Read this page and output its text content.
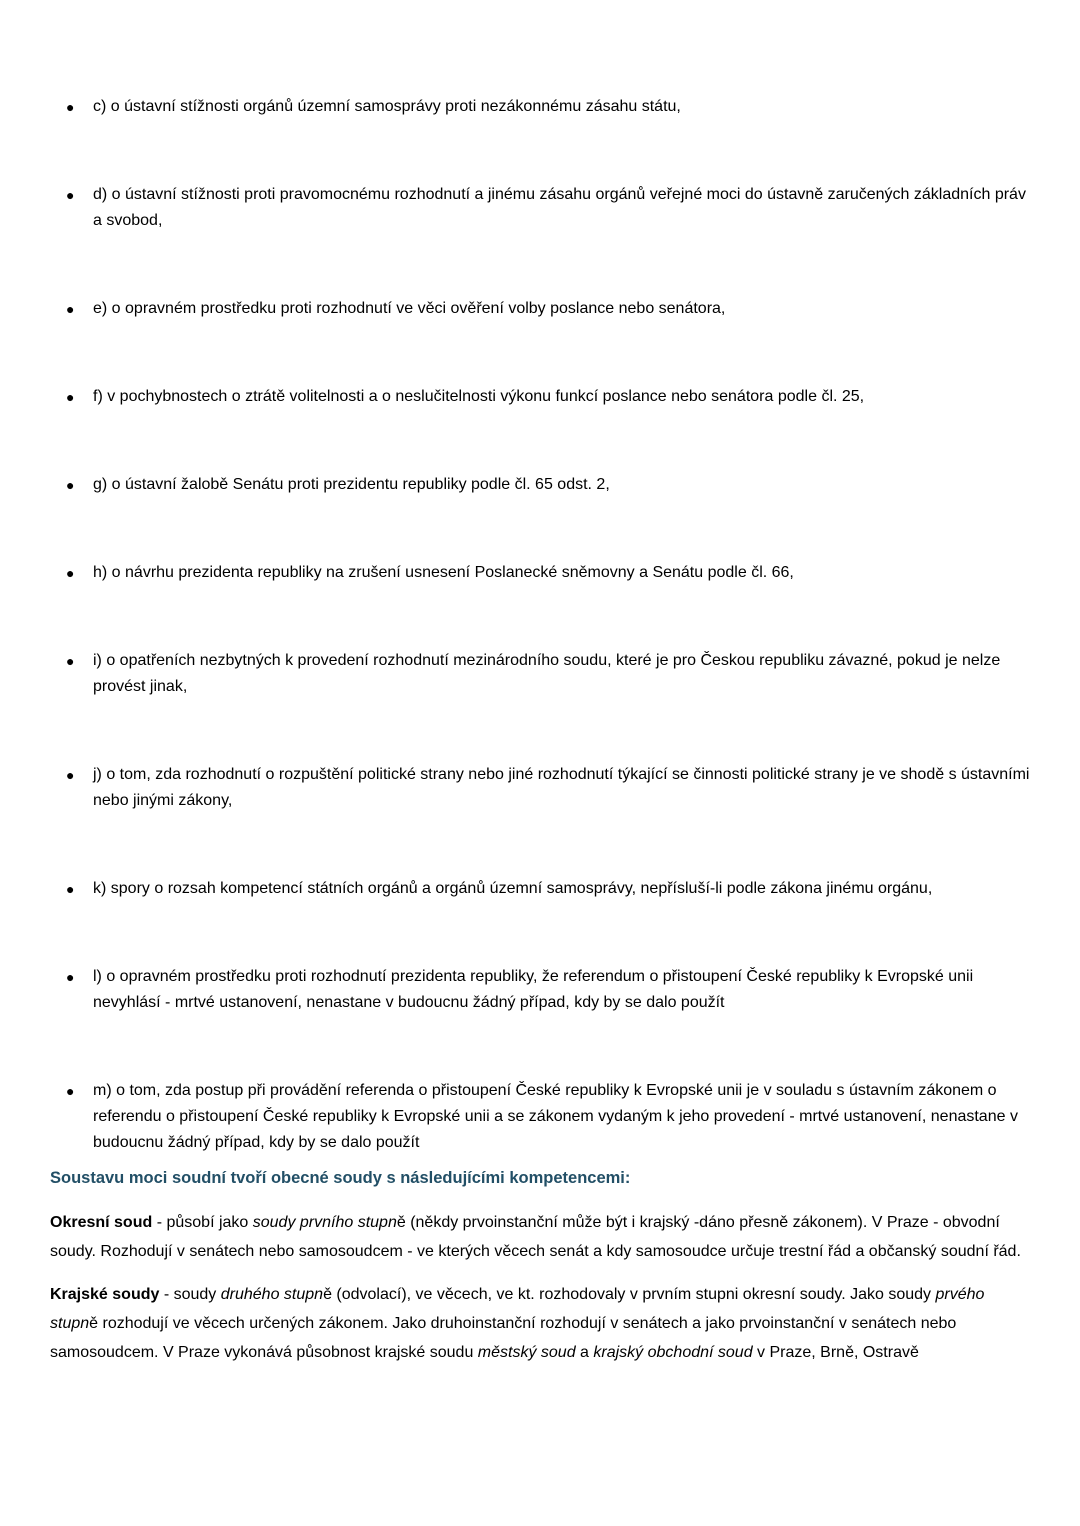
● c) o ústavní stížnosti orgánů územní samosprávy proti nezákonnému zásahu státu,
● d) o ústavní stížnosti proti pravomocnému rozhodnutí a jinému zásahu orgánů veřejné moci do ústavně zaručených základních práv a svobod,
● e) o opravném prostředku proti rozhodnutí ve věci ověření volby poslance nebo senátora,
● f) v pochybnostech o ztrátě volitelnosti a o neslučitelnosti výkonu funkcí poslance nebo senátora podle čl. 25,
● g) o ústavní žalobě Senátu proti prezidentu republiky podle čl. 65 odst. 2,
● h) o návrhu prezidenta republiky na zrušení usnesení Poslanecké sněmovny a Senátu podle čl. 66,
● i) o opatřeních nezbytných k provedení rozhodnutí mezinárodního soudu, které je pro Českou republiku závazné, pokud je nelze provést jinak,
● j) o tom, zda rozhodnutí o rozpuštění politické strany nebo jiné rozhodnutí týkající se činnosti politické strany je ve shodě s ústavními nebo jinými zákony,
● k) spory o rozsah kompetencí státních orgánů a orgánů územní samosprávy, nepřísluší-li podle zákona jinému orgánu,
● l) o opravném prostředku proti rozhodnutí prezidenta republiky, že referendum o přistoupení České republiky k Evropské unii nevyhlásí - mrtvé ustanovení, nenastane v budoucnu žádný případ, kdy by se dalo použít
● m) o tom, zda postup při provádění referenda o přistoupení České republiky k Evropské unii je v souladu s ústavním zákonem o referendu o přistoupení České republiky k Evropské unii a se zákonem vydaným k jeho provedení - mrtvé ustanovení, nenastane v budoucnu žádný případ, kdy by se dalo použít
Soustavu moci soudní tvoří obecné soudy s následujícími kompetencemi:

Okresní soud - působí jako soudy prvního stupně (někdy prvoinstanční může být i krajský -dáno přesně zákonem). V Praze - obvodní soudy. Rozhodují v senátech nebo samosoudcem - ve kterých věcech senát a kdy samosoudce určuje trestní řád a občanský soudní řád.

Krajské soudy - soudy druhého stupně (odvolací), ve věcech, ve kt. rozhodovaly v prvním stupni okresní soudy. Jako soudy prvého stupně rozhodují ve věcech určených zákonem. Jako druhoinstanční rozhodují v senátech a jako prvoinstanční v senátech nebo samosoudcem. V Praze vykonává působnost krajské soudu městský soud a krajský obchodní soud v Praze, Brně, Ostravě
